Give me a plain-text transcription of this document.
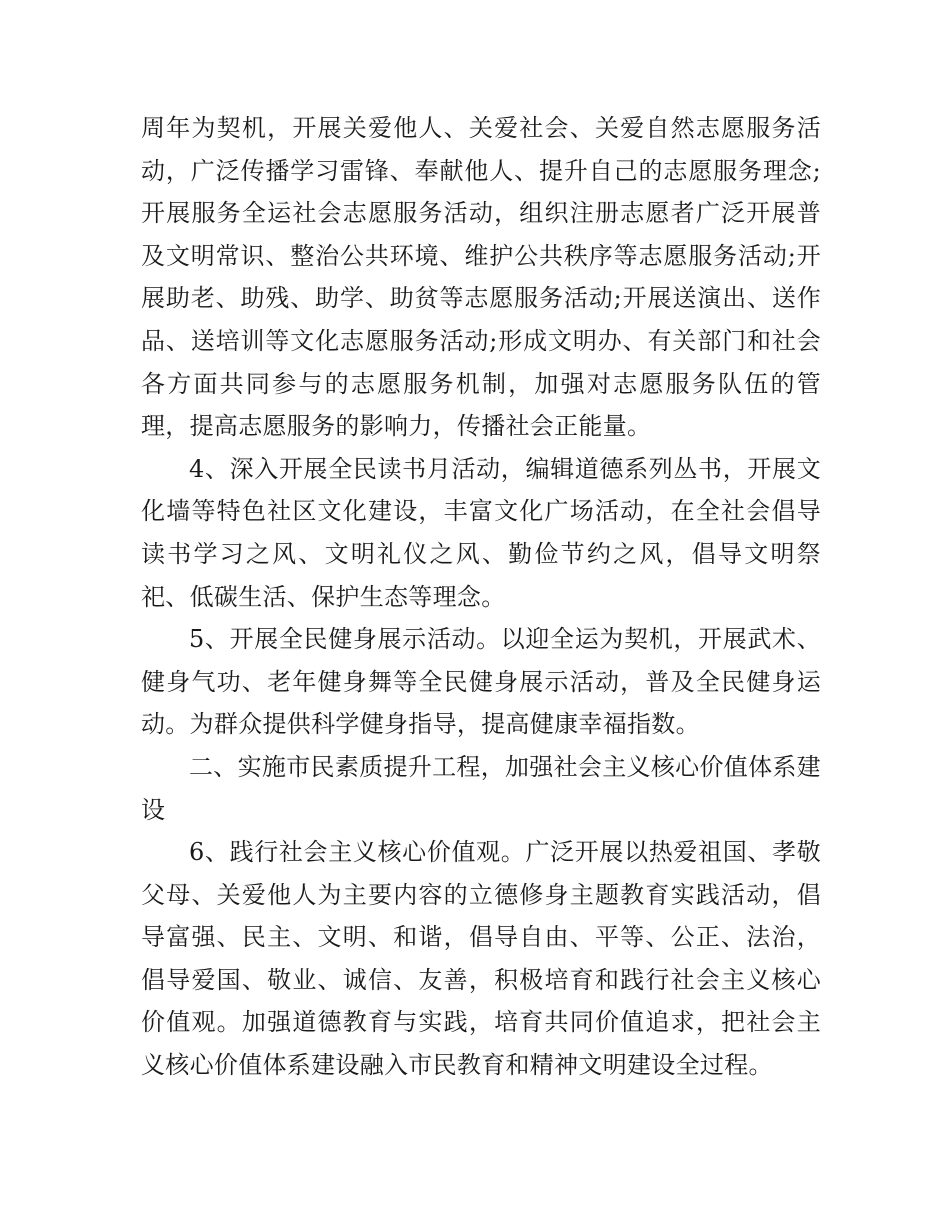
周年为契机，开展关爱他人、关爱社会、关爱自然志愿服务活动，广泛传播学习雷锋、奉献他人、提升自己的志愿服务理念;开展服务全运社会志愿服务活动，组织注册志愿者广泛开展普及文明常识、整治公共环境、维护公共秩序等志愿服务活动;开展助老、助残、助学、助贫等志愿服务活动;开展送演出、送作品、送培训等文化志愿服务活动;形成文明办、有关部门和社会各方面共同参与的志愿服务机制，加强对志愿服务队伍的管理，提高志愿服务的影响力，传播社会正能量。

4、深入开展全民读书月活动，编辑道德系列丛书，开展文化墙等特色社区文化建设，丰富文化广场活动，在全社会倡导读书学习之风、文明礼仪之风、勤俭节约之风，倡导文明祭祀、低碳生活、保护生态等理念。

5、开展全民健身展示活动。以迎全运为契机，开展武术、健身气功、老年健身舞等全民健身展示活动，普及全民健身运动。为群众提供科学健身指导，提高健康幸福指数。

二、实施市民素质提升工程，加强社会主义核心价值体系建设

6、践行社会主义核心价值观。广泛开展以热爱祖国、孝敬父母、关爱他人为主要内容的立德修身主题教育实践活动，倡导富强、民主、文明、和谐，倡导自由、平等、公正、法治，倡导爱国、敬业、诚信、友善，积极培育和践行社会主义核心价值观。加强道德教育与实践，培育共同价值追求，把社会主义核心价值体系建设融入市民教育和精神文明建设全过程。
